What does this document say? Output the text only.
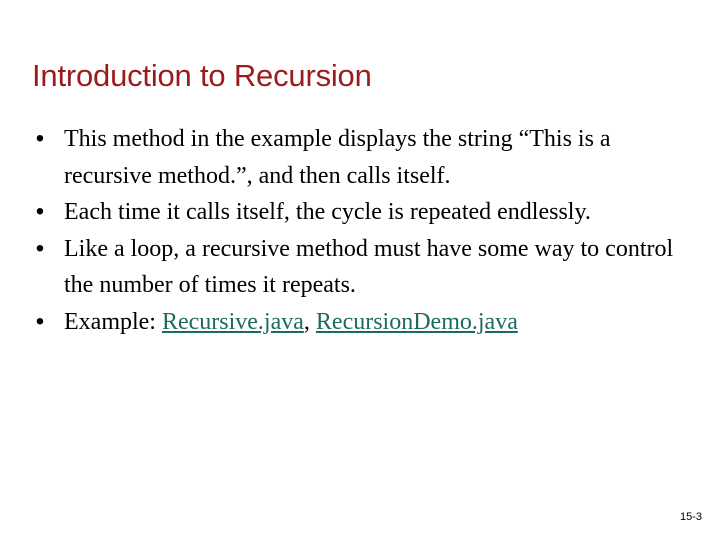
Introduction to Recursion
• This method in the example displays the string “This is a recursive method.”, and then calls itself.
• Each time it calls itself, the cycle is repeated endlessly.
• Like a loop, a recursive method must have some way to control the number of times it repeats.
• Example: Recursive.java, RecursionDemo.java
15-3
